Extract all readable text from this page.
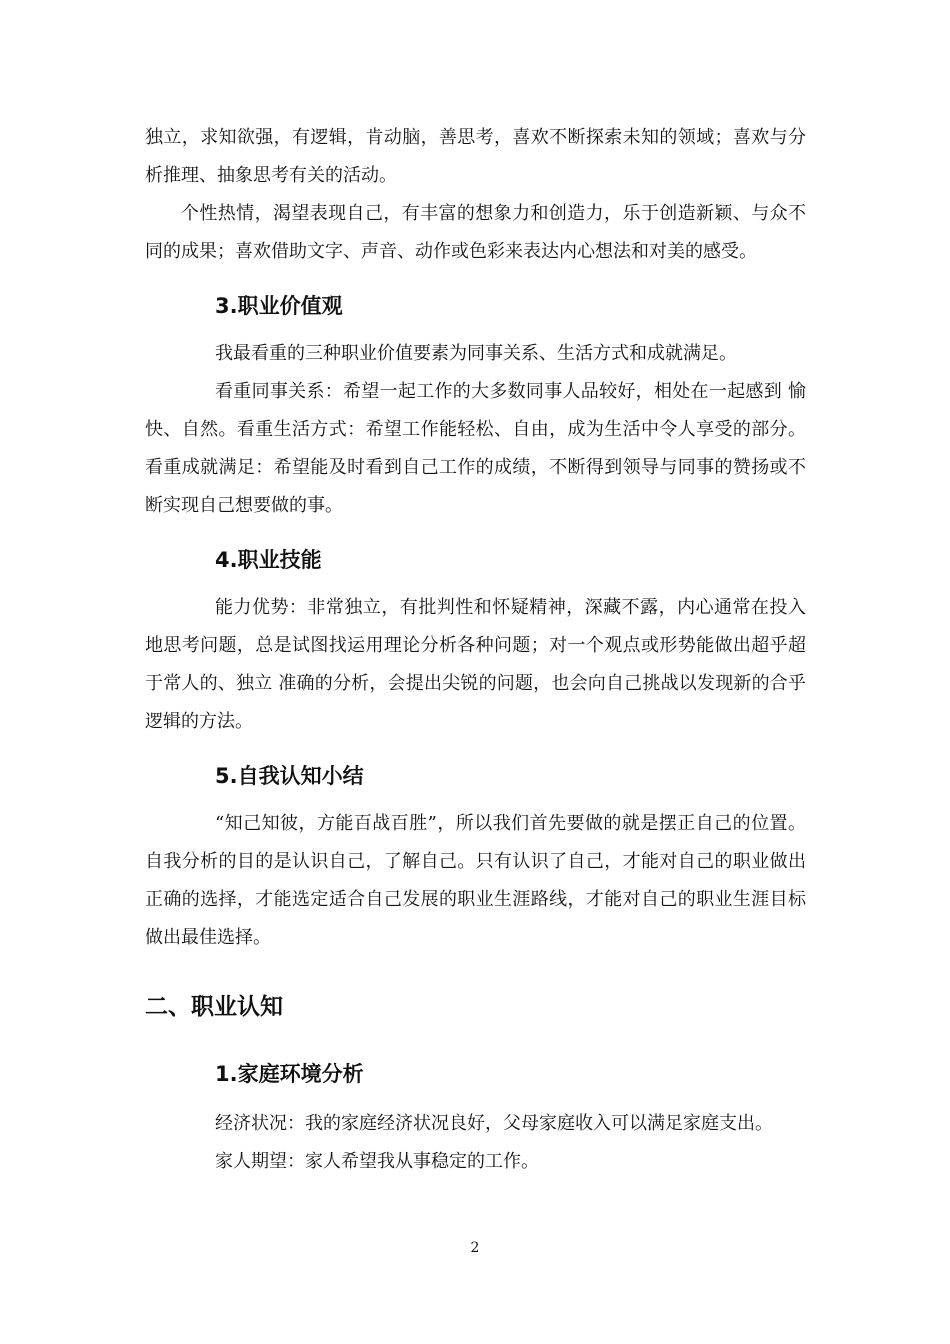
独立，求知欲强，有逻辑，肯动脑，善思考，喜欢不断探索未知的领域；喜欢与分析推理、抽象思考有关的活动。

个性热情，渴望表现自己，有丰富的想象力和创造力，乐于创造新颖、与众不同的成果；喜欢借助文字、声音、动作或色彩来表达内心想法和对美的感受。

3.职业价值观

我最看重的三种职业价值要素为同事关系、生活方式和成就满足。

看重同事关系：希望一起工作的大多数同事人品较好，相处在一起感到 愉快、自然。看重生活方式：希望工作能轻松、自由，成为生活中令人享受的部分。看重成就满足：希望能及时看到自己工作的成绩，不断得到领导与同事的赞扬或不断实现自己想要做的事。

4.职业技能

能力优势：非常独立，有批判性和怀疑精神，深藏不露，内心通常在投入地思考问题，总是试图找运用理论分析各种问题；对一个观点或形势能做出超乎超于常人的、独立 准确的分析，会提出尖锐的问题，也会向自己挑战以发现新的合乎逻辑的方法。

5.自我认知小结

“知己知彼，方能百战百胜”，所以我们首先要做的就是摆正自己的位置。自我分析的目的是认识自己，了解自己。只有认识了自己，才能对自己的职业做出正确的选择，才能选定适合自己发展的职业生涯路线，才能对自己的职业生涯目标做出最佳选择。

二、职业认知
1.家庭环境分析

经济状况：我的家庭经济状况良好，父母家庭收入可以满足家庭支出。

家人期望：家人希望我从事稳定的工作。

2
